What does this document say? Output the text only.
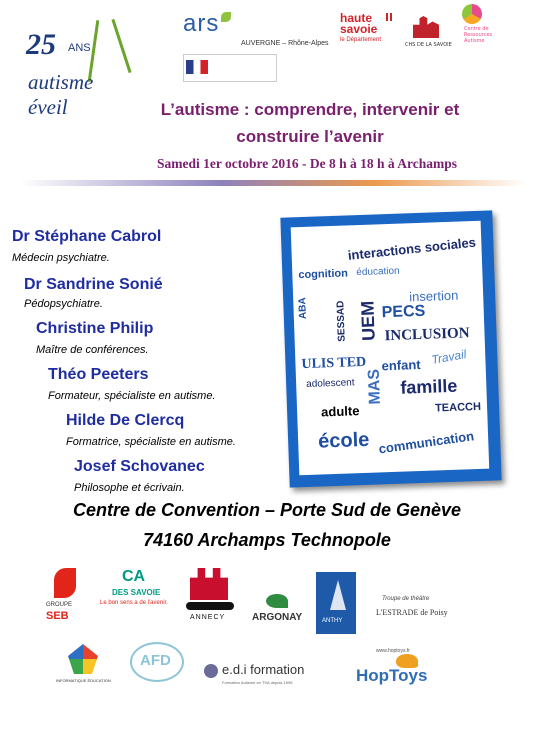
25 ANS
autisme éveil
ars
AUVERGNE – Rhône-Alpes
haute
savoie
le Département
CHS DE LA SAVOIE
Centre de Ressources Autisme
L’autisme : comprendre, intervenir et
construire l’avenir
Samedi 1er octobre 2016 - De 8 h à 18 h à Archamps
Dr Stéphane Cabrol
Médecin psychiatre.
Dr Sandrine Sonié
Pédopsychiatre.
Christine Philip
Maître de conférences.
Théo Peeters
Formateur, spécialiste en autisme.
Hilde De Clercq
Formatrice, spécialiste en autisme.
Josef Schovanec
Philosophe et écrivain.
interactions sociales
cognition éducation
ABA	SESSAD UEM PECS
insertion
INCLUSION
ULIS TED enfant Travail
adolescent MAS famille
adulte	TEACCH
école communication
Centre de Convention – Porte Sud de Genève
74160 Archamps Technopole
GROUPE
SEB
CA
DES SAVOIE
Le bon sens a de l'avenir.
ANNECY	ARGONAY	ANTHY
Troupe de théâtre
L'ESTRADE de Poisy
INFORMATIQUE ÉDUCATION
AFD
e.d.i formation
Formation Autisme en TSA depuis 1995
www.hoptoys.fr
HopToys
